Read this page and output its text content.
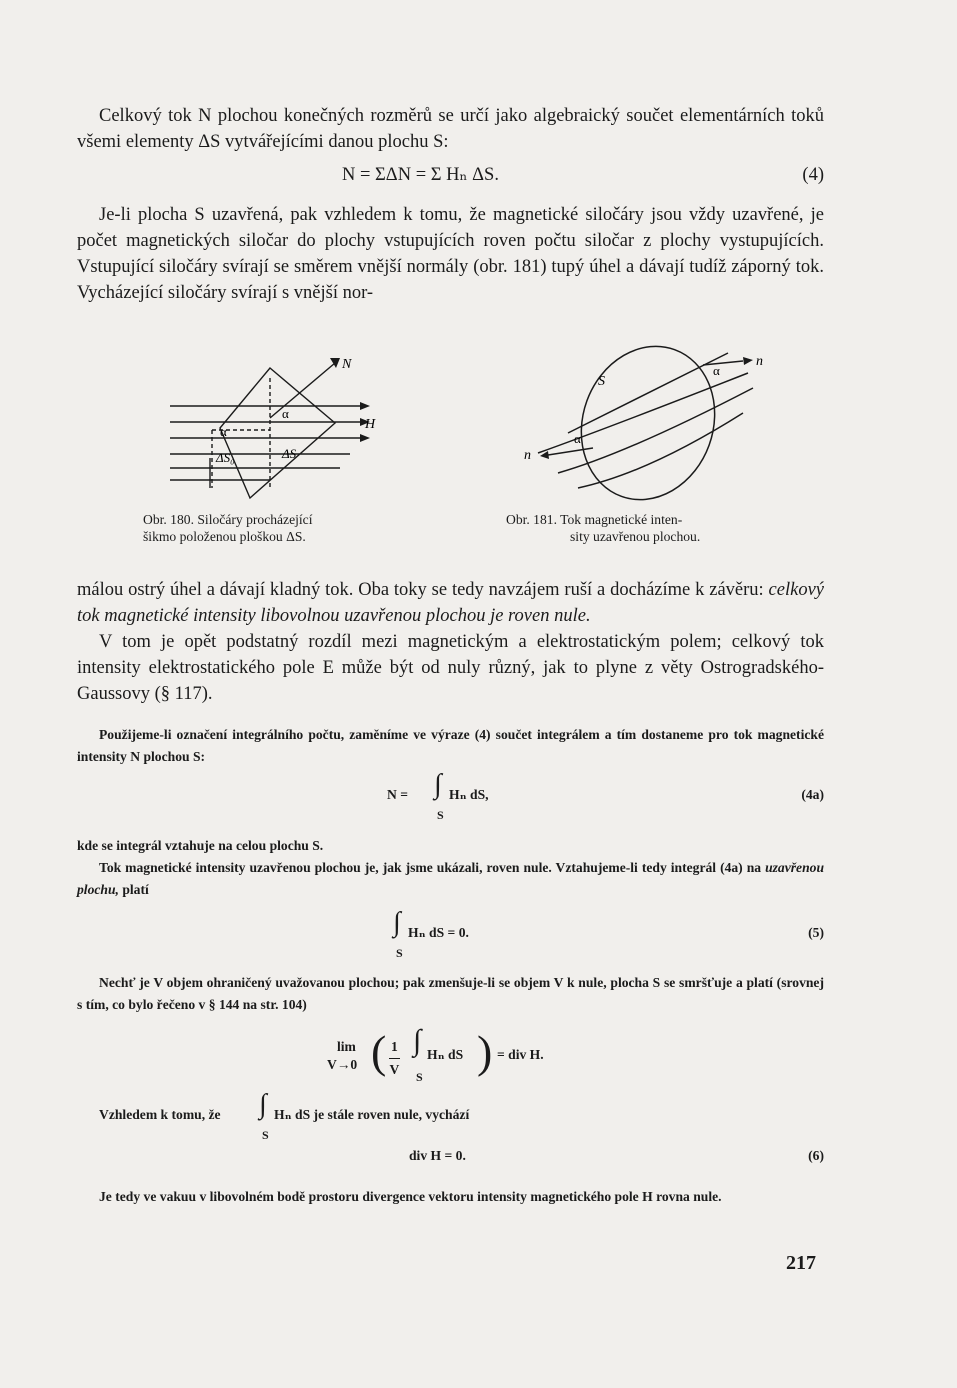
Celkový tok N plochou konečných rozměrů se určí jako algebraický součet elementárních toků všemi elementy ΔS vytvářejícími danou plochu S:

N = ΣΔN = Σ Hₙ ΔS.	(4)

Je-li plocha S uzavřená, pak vzhledem k tomu, že magnetické siločáry jsou vždy uzavřené, je počet magnetických siločar do plochy vstupujících roven počtu siločar z plochy vystupujících. Vstupující siločáry svírají se směrem vnější normály (obr. 181) tupý úhel a dávají tudíž záporný tok. Vycházející siločáry svírají s vnější nor-

N
H
α
α
ΔS₀	ΔS
Obr. 180. Siločáry procházející
šikmo položenou ploškou ΔS.
n
n
S
α
α
Obr. 181. Tok magnetické inten-
sity uzavřenou plochou.

málou ostrý úhel a dávají kladný tok. Oba toky se tedy navzájem ruší a docházíme k závěru: celkový tok magnetické intensity libovolnou uzavřenou plochou je roven nule.

V tom je opět podstatný rozdíl mezi magnetickým a elektrostatickým polem; celkový tok intensity elektrostatického pole E může být od nuly různý, jak to plyne z věty Ostrogradského-Gaussovy (§ 117).

Použijeme-li označení integrálního počtu, zaměníme ve výraze (4) součet integrálem a tím dostaneme pro tok magnetické intensity N plochou S:

N = ∫ Hₙ dS,
S
(4a)

kde se integrál vztahuje na celou plochu S.

Tok magnetické intensity uzavřenou plochou je, jak jsme ukázali, roven nule. Vztahujeme-li tedy integrál (4a) na uzavřenou plochu, platí

∫ Hₙ dS = 0.
S
(5)

Nechť je V objem ohraničený uvažovanou plochou; pak zmenšuje-li se objem V k nule, plocha S se smršťuje a platí (srovnej s tím, co bylo řečeno v § 144 na str. 104)

lim
V→0 ( $\frac{1}{V}$ ∫ Hₙ dS
S ) = div H.
Vzhledem k tomu, že ∫ Hₙ dS je stále roven nule, vychází
S
div H = 0.	(6)

Je tedy ve vakuu v libovolném bodě prostoru divergence vektoru intensity magnetického pole H rovna nule.

217
